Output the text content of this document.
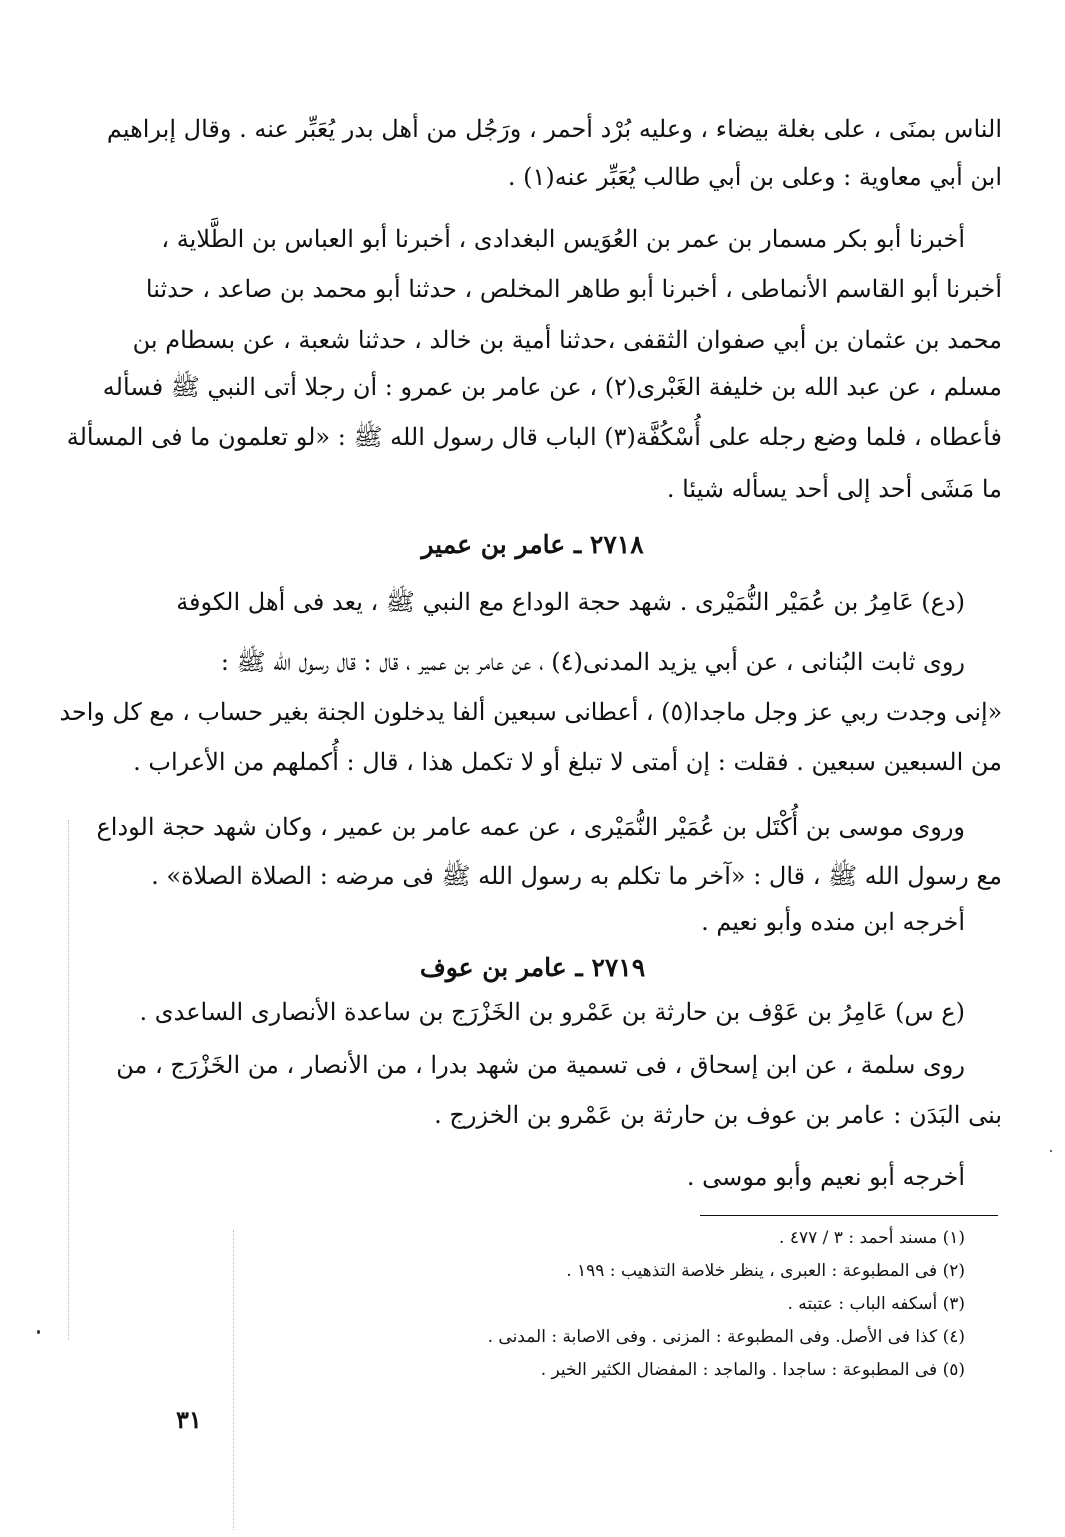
الناس بمنَى ، على بغلة بيضاء ، وعليه بُرْد أحمر ، ورَجُل من أهل بدر يُعَبِّر عنه . وقال إبراهيم
ابن أبي معاوية : وعلى بن أبي طالب يُعَبِّر عنه(١) .
أخبرنا أبو بكر مسمار بن عمر بن العُوَيس البغدادى ، أخبرنا أبو العباس بن الطَّلاية ،
أخبرنا أبو القاسم الأنماطى ، أخبرنا أبو طاهر المخلص ، حدثنا أبو محمد بن صاعد ، حدثنا
محمد بن عثمان بن أبي صفوان الثقفى ،حدثنا أمية بن خالد ، حدثنا شعبة ، عن بسطام بن
مسلم ، عن عبد الله بن خليفة الغَبْرى(٢) ، عن عامر بن عمرو : أن رجلا أتى النبي ﷺ فسأله
فأعطاه ، فلما وضع رجله على أُسْكُفَّة(٣) الباب قال رسول الله ﷺ : «لو تعلمون ما فى المسألة
ما مَشَى أحد إلى أحد يسأله شيئا .
٢٧١٨ ـ عامر بن عمير
(دع) عَامِرُ بن عُمَيْر النُّمَيْرى . شهد حجة الوداع مع النبي ﷺ ، يعد فى أهل الكوفة
روى ثابت البُنانى ، عن أبي يزيد المدنى(٤) ، عن عامر بن عمير ، قال : قال رسول الله ﷺ :
«إنى وجدت ربي عز وجل ماجدا(٥) ، أعطانى سبعين ألفا يدخلون الجنة بغير حساب ، مع كل واحد
من السبعين سبعين . فقلت : إن أمتى لا تبلغ أو لا تكمل هذا ، قال : أُكملهم من الأعراب .
وروى موسى بن أُكْتَل بن عُمَيْر النُّمَيْرى ، عن عمه عامر بن عمير ، وكان شهد حجة الوداع
مع رسول الله ﷺ ، قال : «آخر ما تكلم به رسول الله ﷺ فى مرضه : الصلاة الصلاة» .
أخرجه ابن منده وأبو نعيم .
٢٧١٩ ـ عامر بن عوف
(ع س) عَامِرُ بن عَوْف بن حارثة بن عَمْرو بن الخَزْرَج بن ساعدة الأنصارى الساعدى .
روى سلمة ، عن ابن إسحاق ، فى تسمية من شهد بدرا ، من الأنصار ، من الخَزْرَج ، من
بنى البَدَن : عامر بن عوف بن حارثة بن عَمْرو بن الخزرج .
أخرجه أبو نعيم وأبو موسى .
(١) مسند أحمد : ٣ / ٤٧٧ .
(٢) فى المطبوعة : العبرى ، ينظر خلاصة التذهيب : ١٩٩ .
(٣) أسكفه الباب : عتبته .
(٤) كذا فى الأصل. وفى المطبوعة : المزنى . وفى الاصابة : المدنى .
(٥) فى المطبوعة : ساجدا . والماجد : المفضال الكثير الخير .
٣١
